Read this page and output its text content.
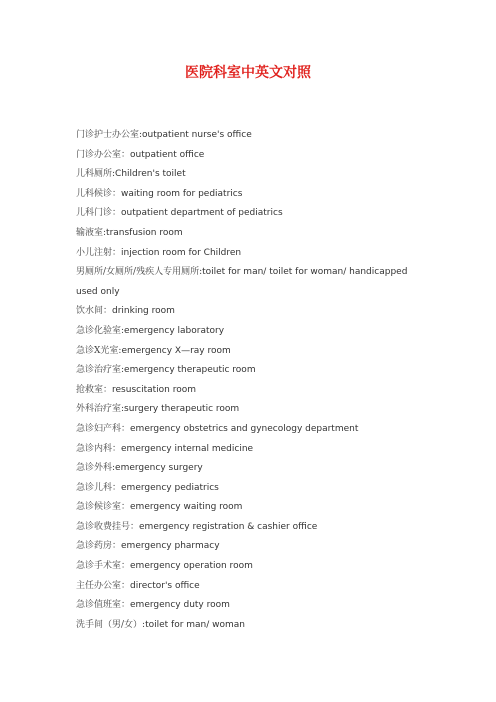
医院科室中英文对照
门诊护士办公室:outpatient nurse's office
门诊办公室：outpatient office
儿科厕所:Children's toilet
儿科候诊：waiting room for pediatrics
儿科门诊：outpatient department of pediatrics
输液室:transfusion room
小儿注射：injection room for Children
男厕所/女厕所/残疾人专用厕所:toilet for man/ toilet for woman/ handicapped used only
饮水间：drinking room
急诊化验室:emergency laboratory
急诊X光室:emergency X—ray room
急诊治疗室:emergency therapeutic room
抢救室：resuscitation room
外科治疗室:surgery therapeutic room
急诊妇产科：emergency obstetrics and gynecology department
急诊内科：emergency internal medicine
急诊外科:emergency surgery
急诊儿科：emergency pediatrics
急诊候诊室：emergency waiting room
急诊收费挂号：emergency registration & cashier office
急诊药房：emergency pharmacy
急诊手术室：emergency operation room
主任办公室：director's office
急诊值班室：emergency duty room
洗手间（男/女）:toilet for man/ woman
